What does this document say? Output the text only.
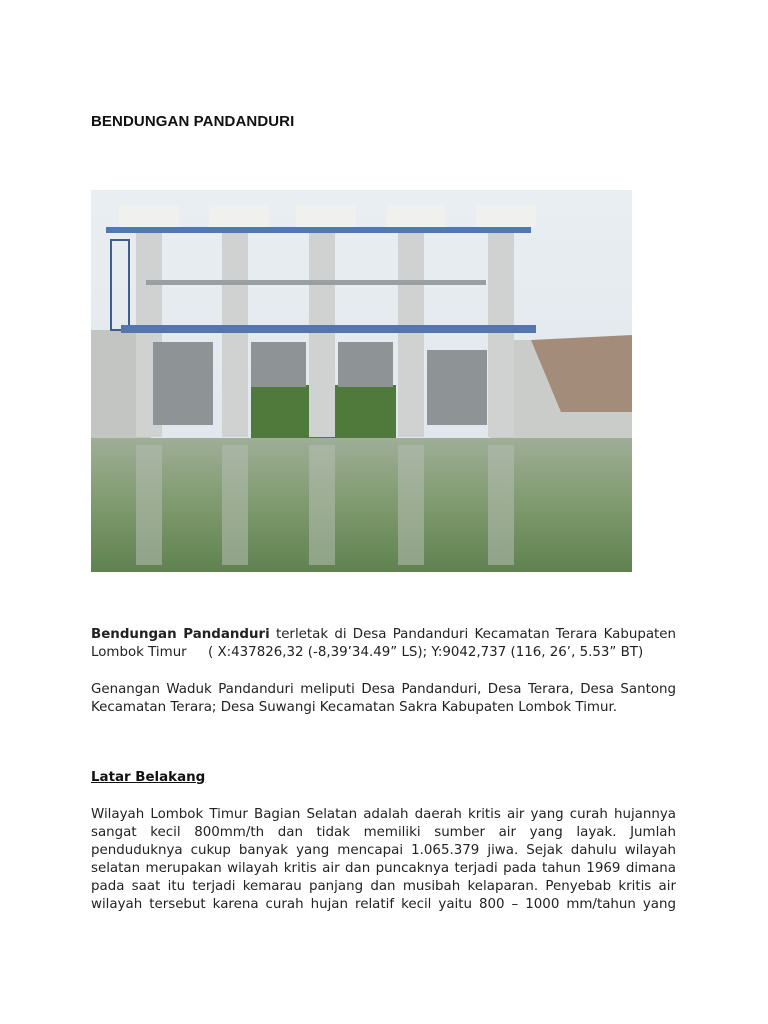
BENDUNGAN PANDANDURI
Bendungan Pandanduri terletak di Desa Pandanduri Kecamatan Terara Kabupaten
Lombok Timur     ( X:437826,32 (-8,39’34.49” LS); Y:9042,737 (116, 26’, 5.53” BT)
Genangan Waduk Pandanduri meliputi Desa Pandanduri, Desa Terara, Desa Santong
Kecamatan Terara; Desa Suwangi Kecamatan Sakra Kabupaten Lombok Timur.
Latar Belakang
Wilayah Lombok Timur Bagian Selatan adalah daerah kritis air yang curah hujannya
sangat kecil 800mm/th dan tidak memiliki sumber air yang layak. Jumlah
penduduknya cukup banyak yang mencapai 1.065.379 jiwa. Sejak dahulu wilayah
selatan merupakan wilayah kritis air dan puncaknya terjadi pada tahun 1969 dimana
pada saat itu terjadi kemarau panjang dan musibah kelaparan. Penyebab kritis air
wilayah tersebut karena curah hujan relatif kecil yaitu 800 – 1000 mm/tahun yang
